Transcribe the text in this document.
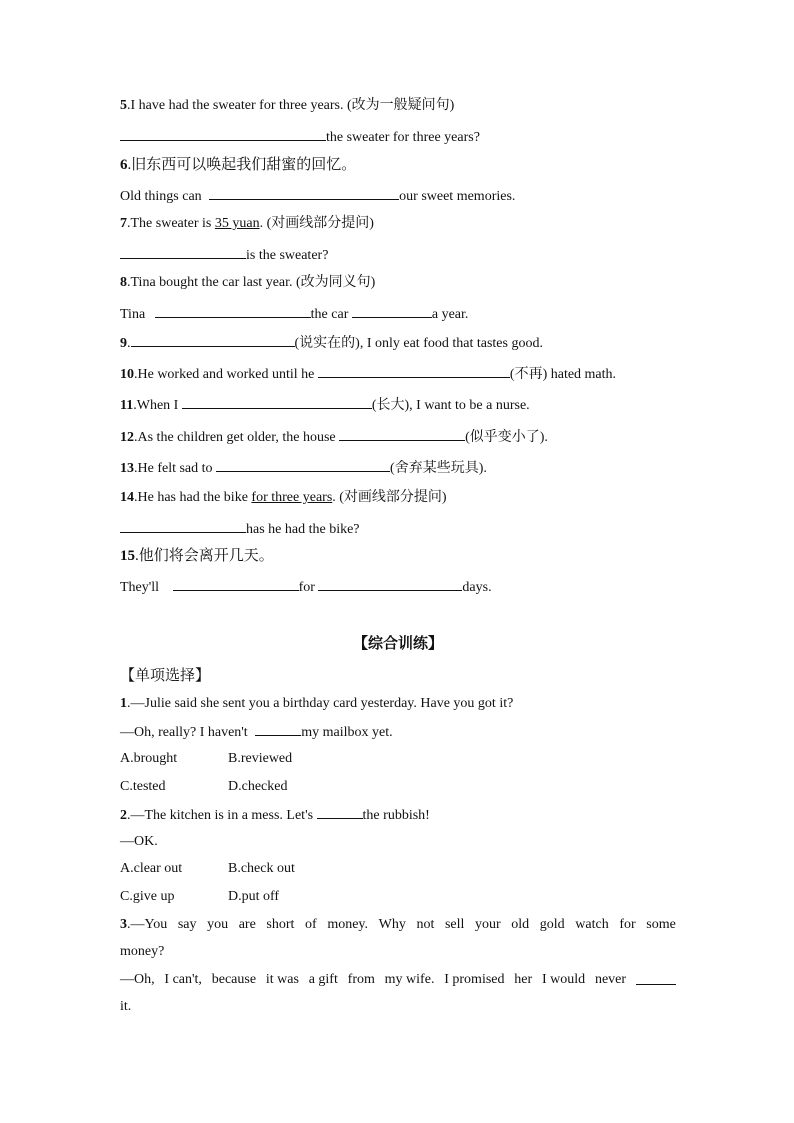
5.I have had the sweater for three years. (改为一般疑问句)
the sweater for three years?
6.旧东西可以唤起我们甜蜜的回忆。
Old things can	our sweet memories.
7.The sweater is 35 yuan. (对画线部分提问)
is the sweater?
8.Tina bought the car last year. (改为同义句)
Tina	the car	a year.
9.	(说实在的), I only eat food that tastes good.
10.He worked and worked until he	(不再) hated math.
11.When I	(长大), I want to be a nurse.
12.As the children get older, the house	(似乎变小了).
13.He felt sad to	(舍弃某些玩具).
14.He has had the bike for three years. (对画线部分提问)
has he had the bike?
15.他们将会离开几天。
They'll	for	days.
【综合训练】
【单项选择】
1.—Julie said she sent you a birthday card yesterday. Have you got it?
—Oh, really? I haven't	my mailbox yet.
A.brought	B.reviewed
C.tested	D.checked
2.—The kitchen is in a mess. Let's	the rubbish!
—OK.
A.clear out	B.check out
C.give up	D.put off
3.—You say you are short of money. Why not sell your old gold watch for some
money?
—Oh, I can't, because it was a gift from my wife. I promised her I would never
it.
